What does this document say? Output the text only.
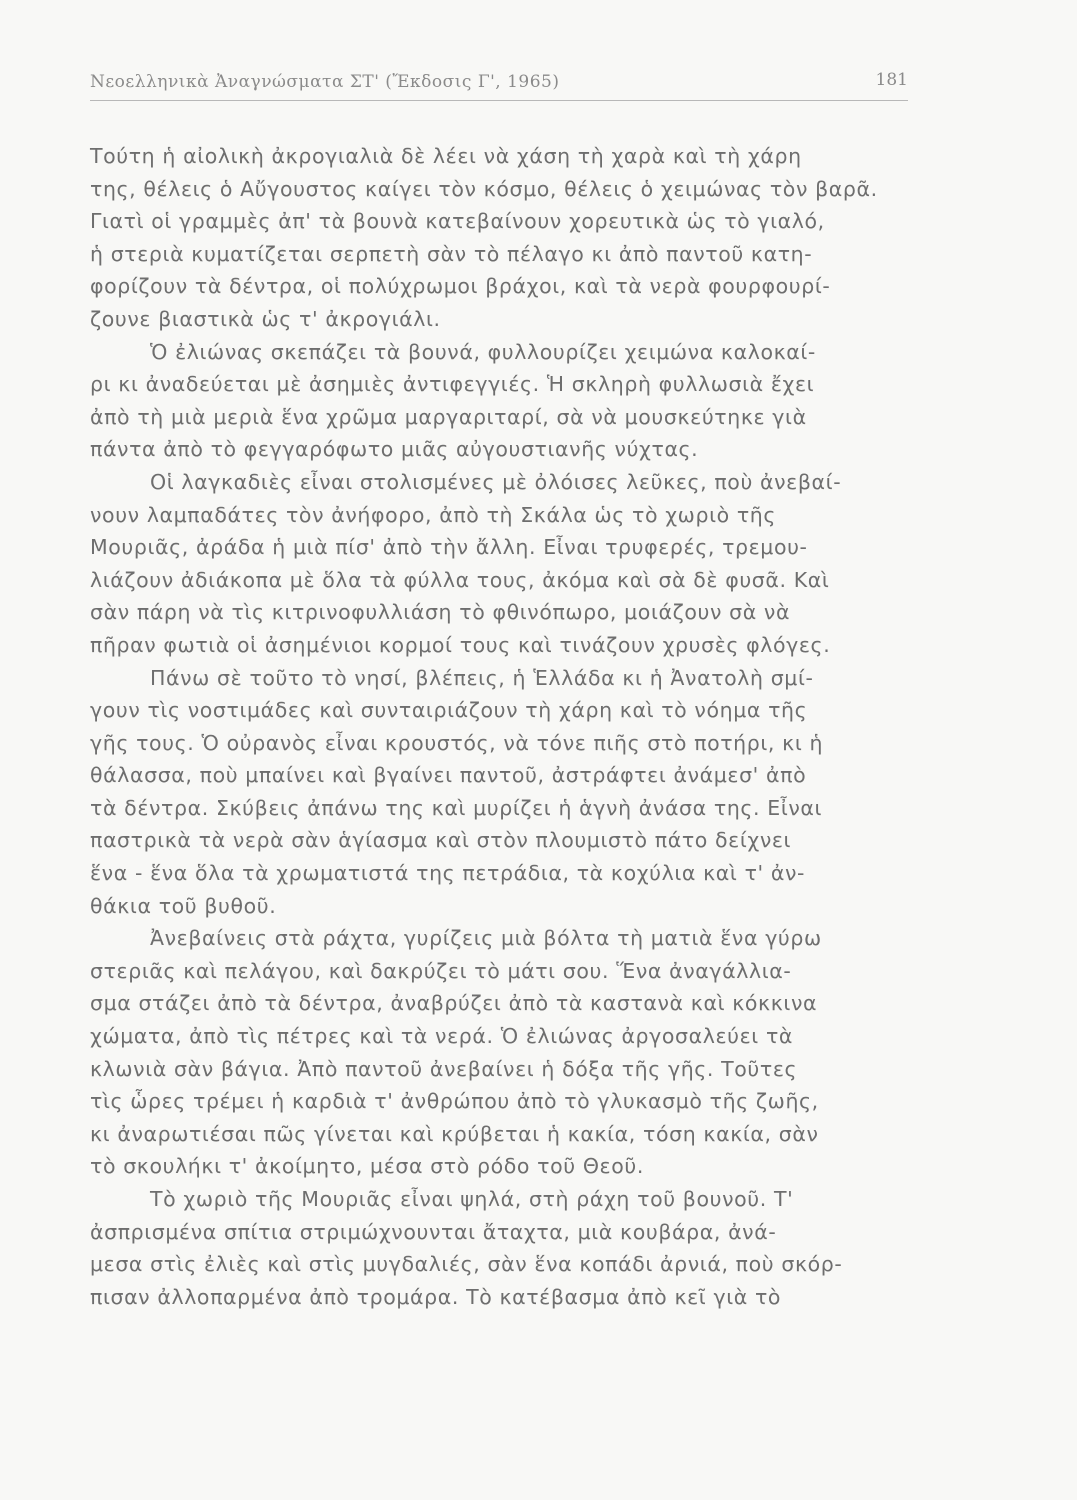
Νεοελληνικὰ Ἀναγνώσματα ΣΤ' (Ἔκδοσις Γ', 1965)	181
Τούτη ἡ αἰολικὴ ἀκρογιαλιὰ δὲ λέει νὰ χάση τὴ χαρὰ καὶ τὴ χάρη
της, θέλεις ὁ Αὔγουστος καίγει τὸν κόσμο, θέλεις ὁ χειμώνας τὸν βαρᾶ.
Γιατὶ οἱ γραμμὲς ἀπ' τὰ βουνὰ κατεβαίνουν χορευτικὰ ὡς τὸ γιαλό,
ἡ στεριὰ κυματίζεται σερπετὴ σὰν τὸ πέλαγο κι ἀπὸ παντοῦ κατη-
φορίζουν τὰ δέντρα, οἱ πολύχρωμοι βράχοι, καὶ τὰ νερὰ φουρφουρί-
ζουνε βιαστικὰ ὡς τ' ἀκρογιάλι.
Ὁ ἐλιώνας σκεπάζει τὰ βουνά, φυλλουρίζει χειμώνα καλοκαί-
ρι κι ἀναδεύεται μὲ ἀσημιὲς ἀντιφεγγιές. Ἡ σκληρὴ φυλλωσιὰ ἔχει
ἀπὸ τὴ μιὰ μεριὰ ἕνα χρῶμα μαργαριταρί, σὰ νὰ μουσκεύτηκε γιὰ
πάντα ἀπὸ τὸ φεγγαρόφωτο μιᾶς αὐγουστιανῆς νύχτας.
Οἱ λαγκαδιὲς εἶναι στολισμένες μὲ ὀλόισες λεῦκες, ποὺ ἀνεβαί-
νουν λαμπαδάτες τὸν ἀνήφορο, ἀπὸ τὴ Σκάλα ὡς τὸ χωριὸ τῆς
Μουριᾶς, ἀράδα ἡ μιὰ πίσ' ἀπὸ τὴν ἄλλη. Εἶναι τρυφερές, τρεμου-
λιάζουν ἀδιάκοπα μὲ ὅλα τὰ φύλλα τους, ἀκόμα καὶ σὰ δὲ φυσᾶ. Καὶ
σὰν πάρη νὰ τὶς κιτρινοφυλλιάση τὸ φθινόπωρο, μοιάζουν σὰ νὰ
πῆραν φωτιὰ οἱ ἀσημένιοι κορμοί τους καὶ τινάζουν χρυσὲς φλόγες.
Πάνω σὲ τοῦτο τὸ νησί, βλέπεις, ἡ Ἑλλάδα κι ἡ Ἀνατολὴ σμί-
γουν τὶς νοστιμάδες καὶ συνταιριάζουν τὴ χάρη καὶ τὸ νόημα τῆς
γῆς τους. Ὁ οὐρανὸς εἶναι κρουστός, νὰ τόνε πιῆς στὸ ποτήρι, κι ἡ
θάλασσα, ποὺ μπαίνει καὶ βγαίνει παντοῦ, ἀστράφτει ἀνάμεσ' ἀπὸ
τὰ δέντρα. Σκύβεις ἀπάνω της καὶ μυρίζει ἡ ἁγνὴ ἀνάσα της. Εἶναι
παστρικὰ τὰ νερὰ σὰν ἁγίασμα καὶ στὸν πλουμιστὸ πάτο δείχνει
ἕνα - ἕνα ὅλα τὰ χρωματιστά της πετράδια, τὰ κοχύλια καὶ τ' ἀν-
θάκια τοῦ βυθοῦ.
Ἀνεβαίνεις στὰ ράχτα, γυρίζεις μιὰ βόλτα τὴ ματιὰ ἕνα γύρω
στεριᾶς καὶ πελάγου, καὶ δακρύζει τὸ μάτι σου. Ἕνα ἀναγάλλια-
σμα στάζει ἀπὸ τὰ δέντρα, ἀναβρύζει ἀπὸ τὰ καστανὰ καὶ κόκκινα
χώματα, ἀπὸ τὶς πέτρες καὶ τὰ νερά. Ὁ ἐλιώνας ἀργοσαλεύει τὰ
κλωνιὰ σὰν βάγια. Ἀπὸ παντοῦ ἀνεβαίνει ἡ δόξα τῆς γῆς. Τοῦτες
τὶς ὧρες τρέμει ἡ καρδιὰ τ' ἀνθρώπου ἀπὸ τὸ γλυκασμὸ τῆς ζωῆς,
κι ἀναρωτιέσαι πῶς γίνεται καὶ κρύβεται ἡ κακία, τόση κακία, σὰν
τὸ σκουλήκι τ' ἀκοίμητο, μέσα στὸ ρόδο τοῦ Θεοῦ.
Τὸ χωριὸ τῆς Μουριᾶς εἶναι ψηλά, στὴ ράχη τοῦ βουνοῦ. Τ'
ἀσπρισμένα σπίτια στριμώχνουνται ἄταχτα, μιὰ κουβάρα, ἀνά-
μεσα στὶς ἐλιὲς καὶ στὶς μυγδαλιές, σὰν ἕνα κοπάδι ἀρνιά, ποὺ σκόρ-
πισαν ἀλλοπαρμένα ἀπὸ τρομάρα. Τὸ κατέβασμα ἀπὸ κεῖ γιὰ τὸ
